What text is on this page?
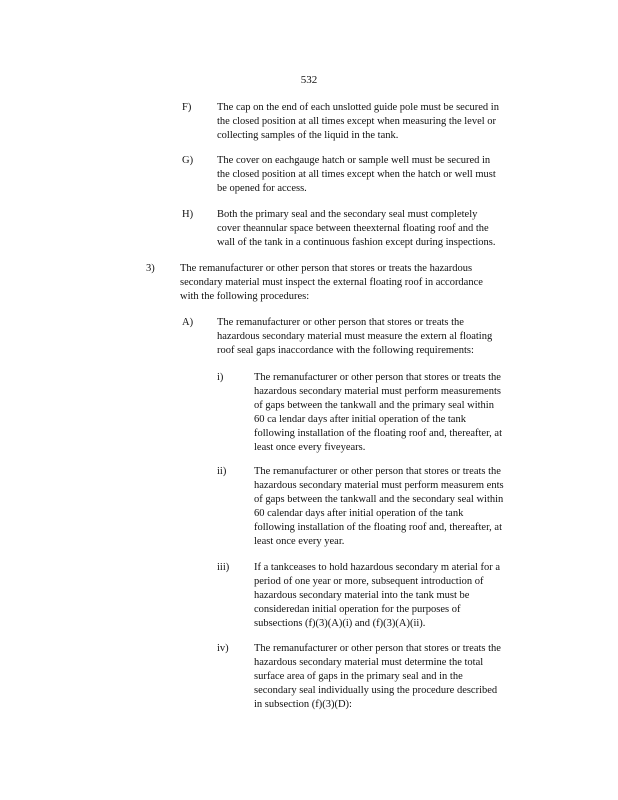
532
F) The cap on the end of each unslotted guide pole must be secured in
the closed position at all times except when measuring the level or
collecting samples of the liquid in the tank.
G) The cover on eachgauge hatch or sample well must be secured in
the closed position at all times except when the hatch or well must
be opened for access.
H) Both the primary seal and the secondary seal must completely
cover theannular space between theexternal floating roof and the
wall of the tank in a continuous fashion except during inspections.
3) The remanufacturer or other person that stores or treats the hazardous
secondary material must inspect the external floating roof in accordance
with the following procedures:
A) The remanufacturer or other person that stores or treats the
hazardous secondary material must measure the extern al floating
roof seal gaps inaccordance with the following requirements:
i)	The remanufacturer or other person that stores or treats the
hazardous secondary material must perform measurements
of gaps between the tankwall and the primary seal within
60 ca lendar days after initial operation of the tank
following installation of the floating roof and, thereafter, at
least once every fiveyears.
ii)	The remanufacturer or other person that stores or treats the
hazardous secondary material must perform measurem ents
of gaps between the tankwall and the secondary seal within
60 calendar days after initial operation of the tank
following installation of the floating roof and, thereafter, at
least once every year.
iii) If a tankceases to hold hazardous secondary m aterial for a
period of one year or more, subsequent introduction of
hazardous secondary material into the tank must be
consideredan initial operation for the purposes of
subsections (f)(3)(A)(i) and (f)(3)(A)(ii).
iv) The remanufacturer or other person that stores or treats the
hazardous secondary material must determine the total
surface area of gaps in the primary seal and in the
secondary seal individually using the procedure described
in subsection (f)(3)(D):
